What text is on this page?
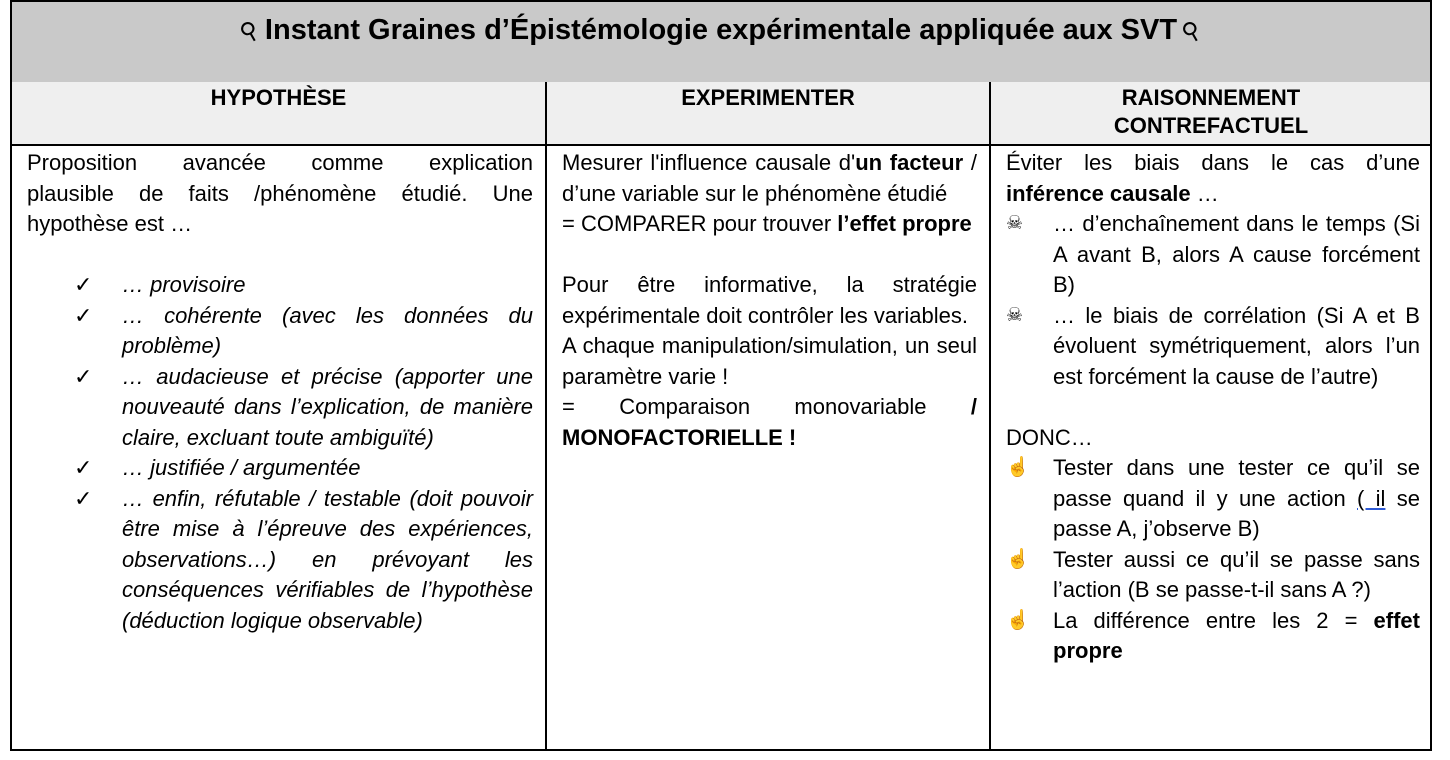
⚲Instant Graines d’Épistémologie expérimentale appliquée aux SVT⚲
HYPOTHÈSE	EXPERIMENTER	RAISONNEMENT CONTREFACTUEL

Proposition avancée comme explication

plausible de faits /phénomène étudié. Une

hypothèse est …

✓ … provisoire
✓ … cohérente (avec les données du problème)
✓ … audacieuse et précise (apporter une nouveauté dans l’explication, de manière claire, excluant toute ambiguïté)
✓ … justifiée / argumentée
✓ … enfin, réfutable / testable (doit pouvoir être mise à l’épreuve des expériences, observations…) en prévoyant les conséquences vérifiables de l’hypothèse (déduction logique observable)

Mesurer l'influence causale d'un facteur / d’une variable sur le phénomène étudié

= COMPARER pour trouver l’effet propre

Pour être informative, la stratégie expérimentale doit contrôler les variables.

A chaque manipulation/simulation, un seul paramètre varie !

= Comparaison monovariable /

MONOFACTORIELLE !

Éviter les biais dans le cas d’une inférence causale …

☠ … d’enchaînement dans le temps (Si A avant B, alors A cause forcément B)
☠ … le biais de corrélation (Si A et B évoluent symétriquement, alors l’un est forcément la cause de l’autre)

DONC…

☝ Tester dans une tester ce qu’il se passe quand il y une action ( il se passe A, j’observe B)
☝ Tester aussi ce qu’il se passe sans l’action (B se passe-t-il sans A ?)
☝ La différence entre les 2 = effet propre
